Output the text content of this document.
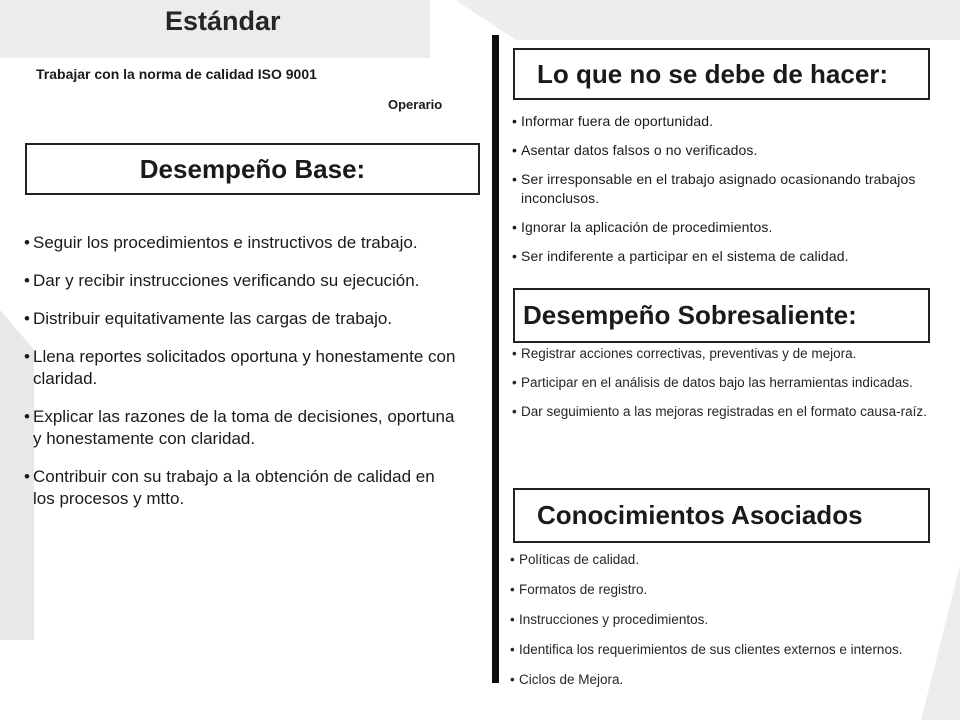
Estándar
Trabajar con la norma de calidad ISO 9001
Operario
Desempeño Base:
• Seguir los procedimientos e instructivos de trabajo.
• Dar y recibir instrucciones verificando su ejecución.
• Distribuir equitativamente las cargas de trabajo.
• Llena reportes solicitados oportuna y honestamente con claridad.
• Explicar las razones de la toma de decisiones, oportuna y honestamente con claridad.
• Contribuir con su trabajo a la obtención de calidad en los procesos y mtto.
Lo que no se debe de hacer:
• Informar fuera de oportunidad.
• Asentar datos falsos o no verificados.
• Ser irresponsable en el trabajo asignado ocasionando trabajos inconclusos.
• Ignorar la aplicación de procedimientos.
• Ser indiferente a participar en el sistema de calidad.
Desempeño Sobresaliente:
• Registrar acciones correctivas, preventivas y de mejora.
• Participar en el análisis de datos bajo las herramientas indicadas.
• Dar seguimiento a las mejoras registradas en el formato causa-raíz.
Conocimientos Asociados
• Políticas de calidad.
• Formatos de registro.
• Instrucciones y procedimientos.
• Identifica los requerimientos de sus clientes externos e internos.
• Ciclos de Mejora.
